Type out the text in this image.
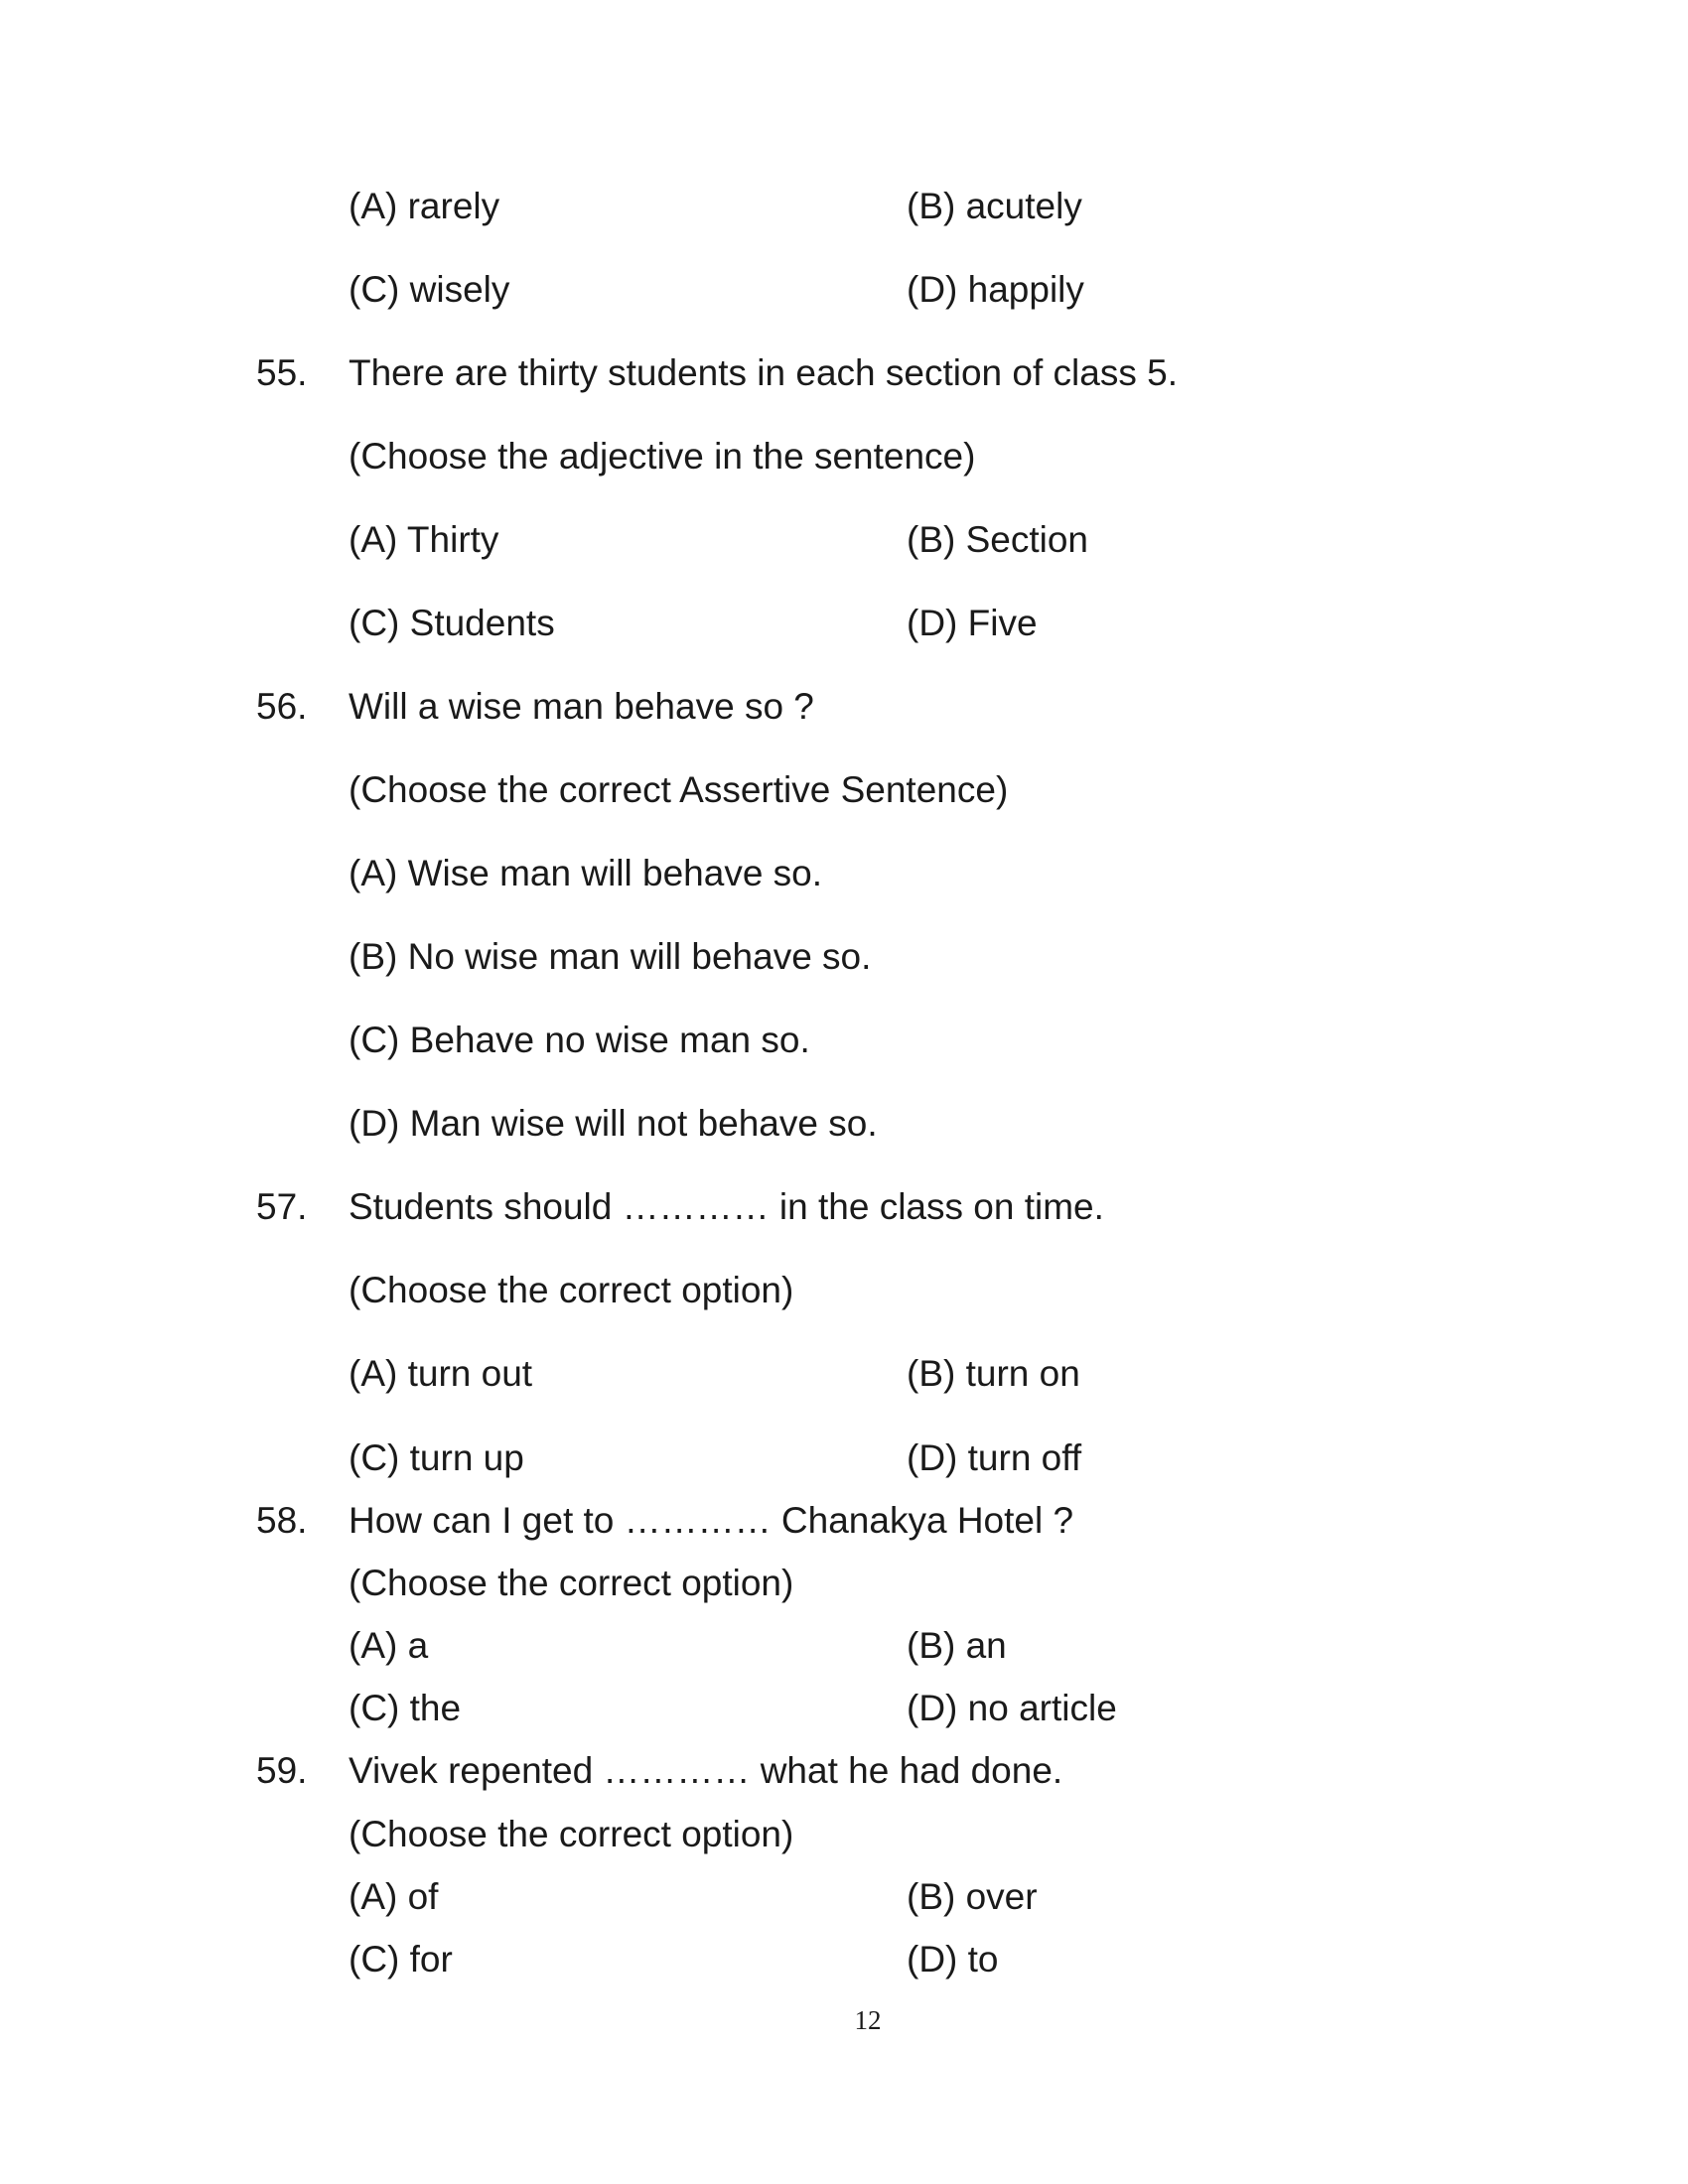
(A) rarely	(B) acutely
(C) wisely	(D) happily
55. There are thirty students in each section of class 5.
(Choose the adjective in the sentence)
(A) Thirty	(B) Section
(C) Students	(D) Five
56. Will a wise man behave so ?
(Choose the correct Assertive Sentence)
(A) Wise man will behave so.
(B) No wise man will behave so.
(C) Behave no wise man so.
(D) Man wise will not behave so.
57. Students should ………… in the class on time.
(Choose the correct option)
(A) turn out	(B) turn on
(C) turn up	(D) turn off
58. How can I get to ………… Chanakya Hotel ?
(Choose the correct option)
(A) a	(B) an
(C) the	(D) no article
59. Vivek repented ………… what he had done.
(Choose the correct option)
(A) of	(B) over
(C) for	(D) to
12
